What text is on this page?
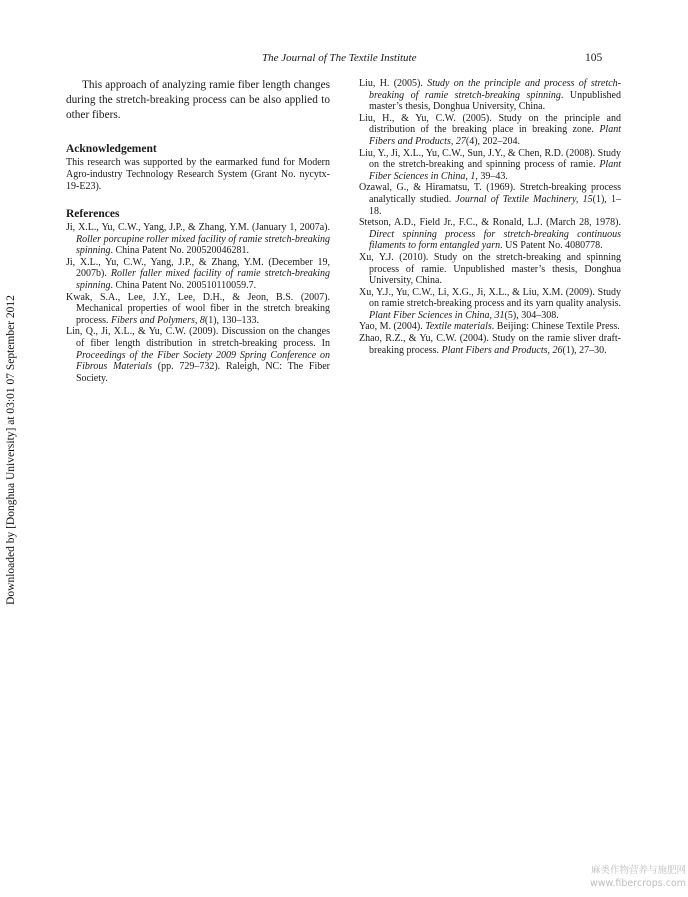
The Journal of The Textile Institute	105
Downloaded by [Donghua University] at 03:01 07 September 2012

This approach of analyzing ramie fiber length changes during the stretch-breaking process can be also applied to other fibers.

Acknowledgement

This research was supported by the earmarked fund for Modern Agro-industry Technology Research System (Grant No. nycytx-19-E23).

References
Ji, X.L., Yu, C.W., Yang, J.P., & Zhang, Y.M. (January 1, 2007a). Roller porcupine roller mixed facility of ramie stretch-breaking spinning. China Patent No. 200520046281.
Ji, X.L., Yu, C.W., Yang, J.P., & Zhang, Y.M. (December 19, 2007b). Roller faller mixed facility of ramie stretch-breaking spinning. China Patent No. 200510110059.7.
Kwak, S.A., Lee, J.Y., Lee, D.H., & Jeon, B.S. (2007). Mechanical properties of wool fiber in the stretch breaking process. Fibers and Polymers, 8(1), 130–133.
Lin, Q., Ji, X.L., & Yu, C.W. (2009). Discussion on the changes of fiber length distribution in stretch-breaking process. In Proceedings of the Fiber Society 2009 Spring Conference on Fibrous Materials (pp. 729–732). Raleigh, NC: The Fiber Society.
Liu, H. (2005). Study on the principle and process of stretch-breaking of ramie stretch-breaking spinning. Unpublished master’s thesis, Donghua University, China.
Liu, H., & Yu, C.W. (2005). Study on the principle and distribution of the breaking place in breaking zone. Plant Fibers and Products, 27(4), 202–204.
Liu, Y., Ji, X.L., Yu, C.W., Sun, J.Y., & Chen, R.D. (2008). Study on the stretch-breaking and spinning process of ramie. Plant Fiber Sciences in China, 1, 39–43.
Ozawal, G., & Hiramatsu, T. (1969). Stretch-breaking process analytically studied. Journal of Textile Machinery, 15(1), 1–18.
Stetson, A.D., Field Jr., F.C., & Ronald, L.J. (March 28, 1978). Direct spinning process for stretch-breaking continuous filaments to form entangled yarn. US Patent No. 4080778.
Xu, Y.J. (2010). Study on the stretch-breaking and spinning process of ramie. Unpublished master’s thesis, Donghua University, China.
Xu, Y.J., Yu, C.W., Li, X.G., Ji, X.L., & Liu, X.M. (2009). Study on ramie stretch-breaking process and its yarn quality analysis. Plant Fiber Sciences in China, 31(5), 304–308.
Yao, M. (2004). Textile materials. Beijing: Chinese Textile Press.
Zhao, R.Z., & Yu, C.W. (2004). Study on the ramie sliver draft-breaking process. Plant Fibers and Products, 26(1), 27–30.
麻类作物营养与施肥网
www.fibercrops.com
